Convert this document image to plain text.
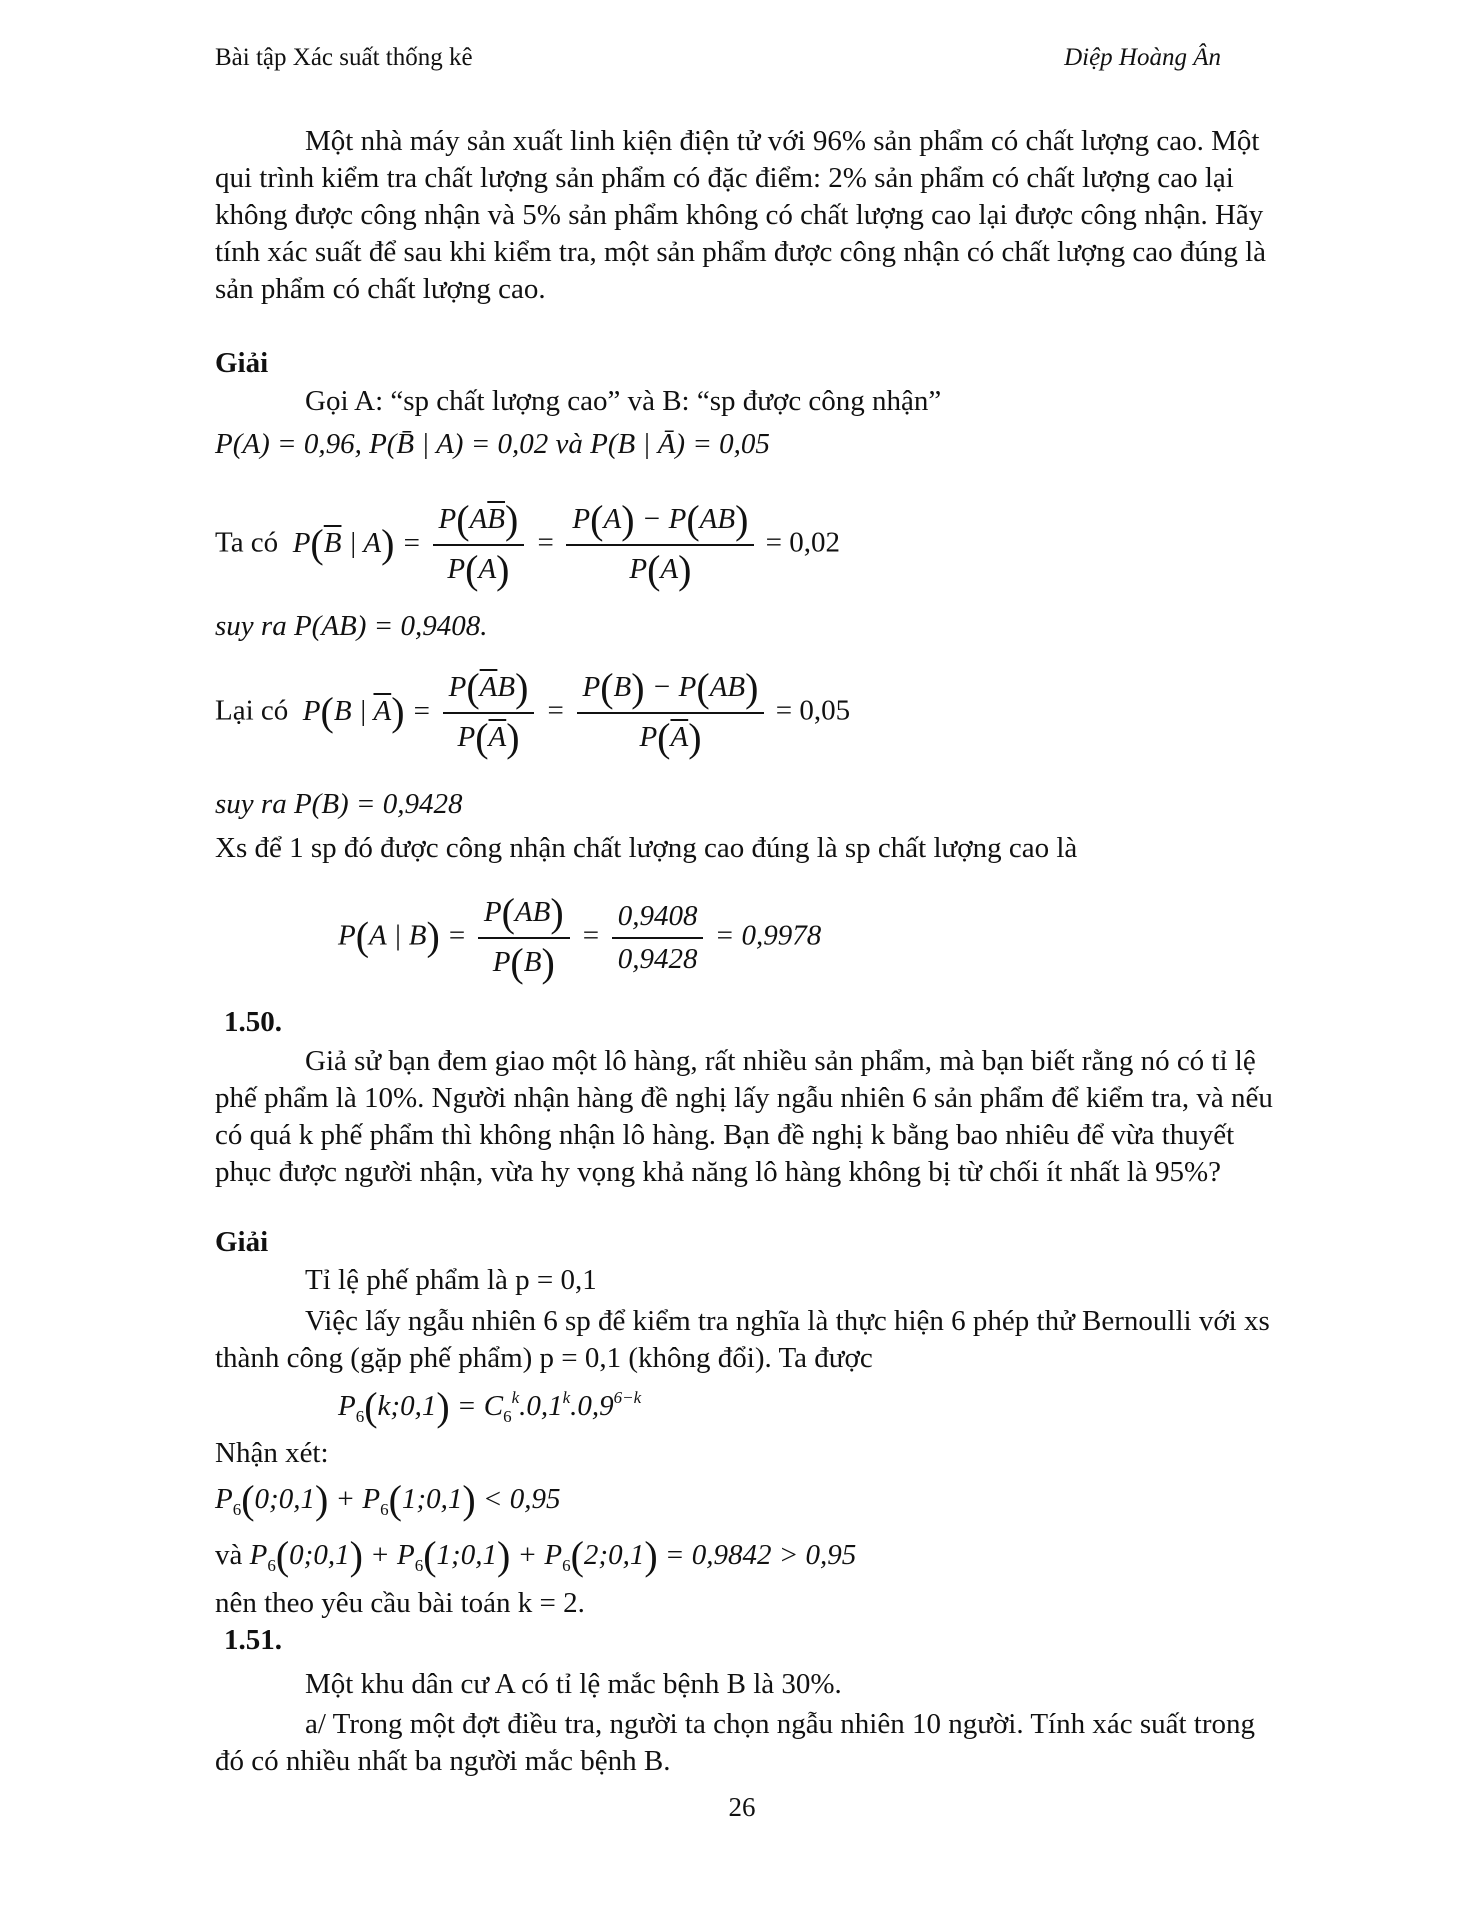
Bài tập Xác suất thống kê	Diệp Hoàng Ân

Một nhà máy sản xuất linh kiện điện tử với 96% sản phẩm có chất lượng cao. Một qui trình kiểm tra chất lượng sản phẩm có đặc điểm: 2% sản phẩm có chất lượng cao lại không được công nhận và 5% sản phẩm không có chất lượng cao lại được công nhận. Hãy tính xác suất để sau khi kiểm tra, một sản phẩm được công nhận có chất lượng cao đúng là sản phẩm có chất lượng cao.

Giải
Gọi A: “sp chất lượng cao” và B: “sp được công nhận”
P(A) = 0,96, P(B̄ | A) = 0,02 và P(B | Ā) = 0,05
Ta có  $P(\overline{B}$ | $A) = \frac{P(A\overline{B})}{P(A)} = \frac{P(A) - P(AB)}{P(A)} = 0,02$
suy ra P(AB) = 0,9408.
Lại có  P(B | $\overline{A}) = \frac{P(\overline{A}B)}{P(\overline{A})} = \frac{P(B) - P(AB)}{P(\overline{A})} = 0,05$
suy ra P(B) = 0,9428
Xs để 1 sp đó được công nhận chất lượng cao đúng là sp chất lượng cao là
P(A | $B) = \frac{P(AB)}{P(B)} = \frac{0,9408}{0,9428} = 0,9978$
1.50.

Giả sử bạn đem giao một lô hàng, rất nhiều sản phẩm, mà bạn biết rằng nó có tỉ lệ phế phẩm là 10%. Người nhận hàng đề nghị lấy ngẫu nhiên 6 sản phẩm để kiểm tra, và nếu có quá k phế phẩm thì không nhận lô hàng. Bạn đề nghị k bằng bao nhiêu để vừa thuyết phục được người nhận, vừa hy vọng khả năng lô hàng không bị từ chối ít nhất là 95%?

Giải
Tỉ lệ phế phẩm là p = 0,1

Việc lấy ngẫu nhiên 6 sp để kiểm tra nghĩa là thực hiện 6 phép thử Bernoulli với xs thành công (gặp phế phẩm) p = 0,1 (không đổi). Ta được

$P_6(k;0,1) = C_6^k.0,1^k.0,9^{6-k}$
Nhận xét:
$P_6(0;0,1)$ + $P_6(1;0,1) < 0,95$
và $P_6(0;0,1)$ + $P_6(1;0,1)$ + $P_6(2;0,1) = 0,9842 > 0,95$
nên theo yêu cầu bài toán k = 2.
1.51.
Một khu dân cư A có tỉ lệ mắc bệnh B là 30%.

a/ Trong một đợt điều tra, người ta chọn ngẫu nhiên 10 người. Tính xác suất trong đó có nhiều nhất ba người mắc bệnh B.

26
